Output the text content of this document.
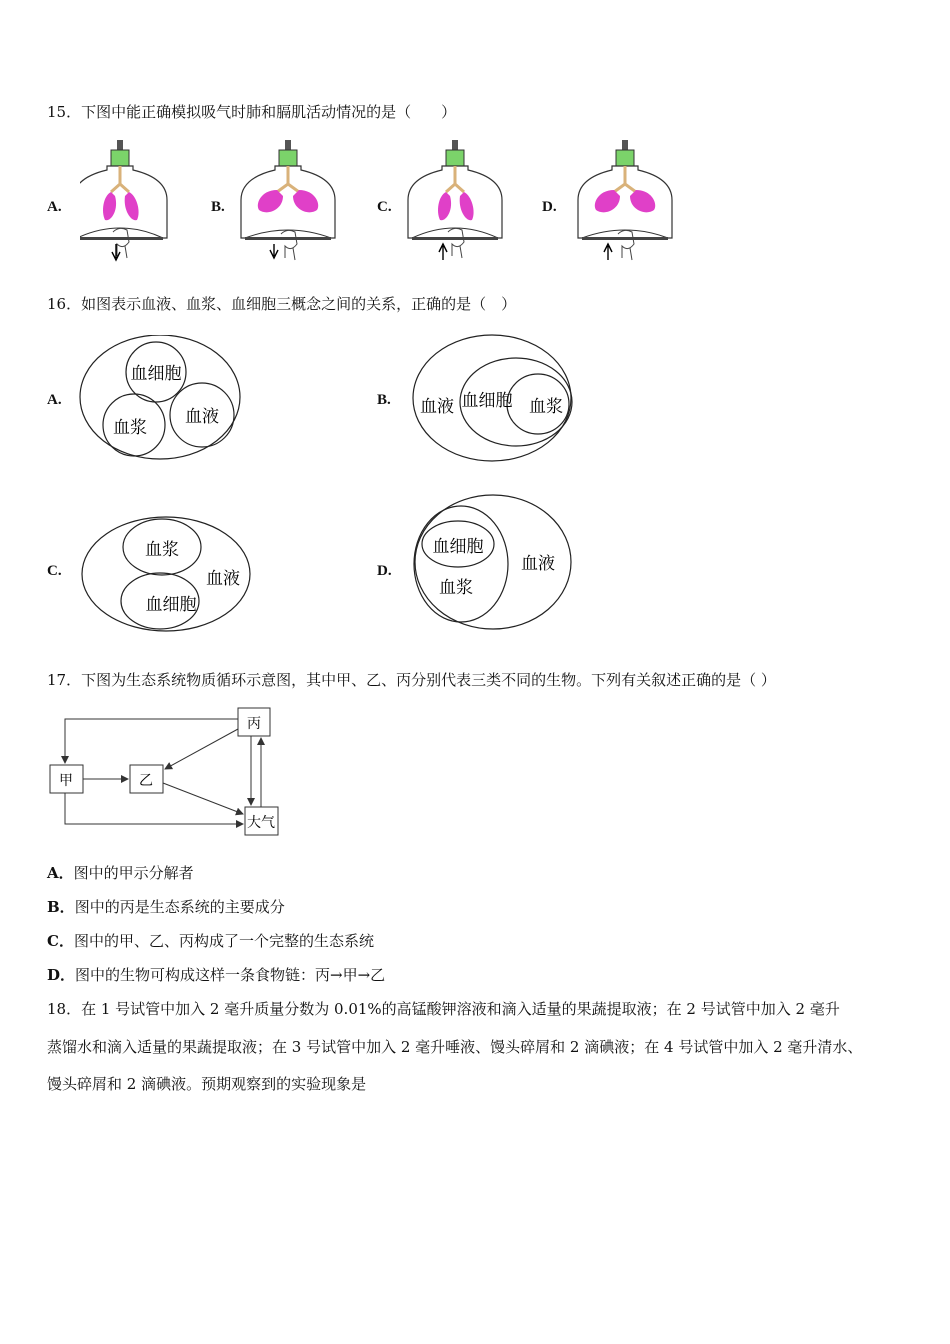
15．下图中能正确模拟吸气时肺和膈肌活动情况的是（　　）
A.	B.	C.	D.
16．如图表示血液、血浆、血细胞三概念之间的关系，正确的是（　）
A.	B.
C.	D.
血细胞
血浆
血液	血液 血细胞 血浆
血浆
血细胞
血液
血细胞
血浆
血液
17．下图为生态系统物质循环示意图，其中甲、乙、丙分别代表三类不同的生物。下列有关叙述正确的是（ ）
丙
甲	乙
大气
A．图中的甲示分解者
B．图中的丙是生态系统的主要成分
C．图中的甲、乙、丙构成了一个完整的生态系统
D．图中的生物可构成这样一条食物链：丙→甲→乙
18．在 1 号试管中加入 2 毫升质量分数为 0.01%的高锰酸钾溶液和滴入适量的果蔬提取液；在 2 号试管中加入 2 毫升
蒸馏水和滴入适量的果蔬提取液；在 3 号试管中加入 2 毫升唾液、馒头碎屑和 2 滴碘液；在 4 号试管中加入 2 毫升清水、
馒头碎屑和 2 滴碘液。预期观察到的实验现象是
